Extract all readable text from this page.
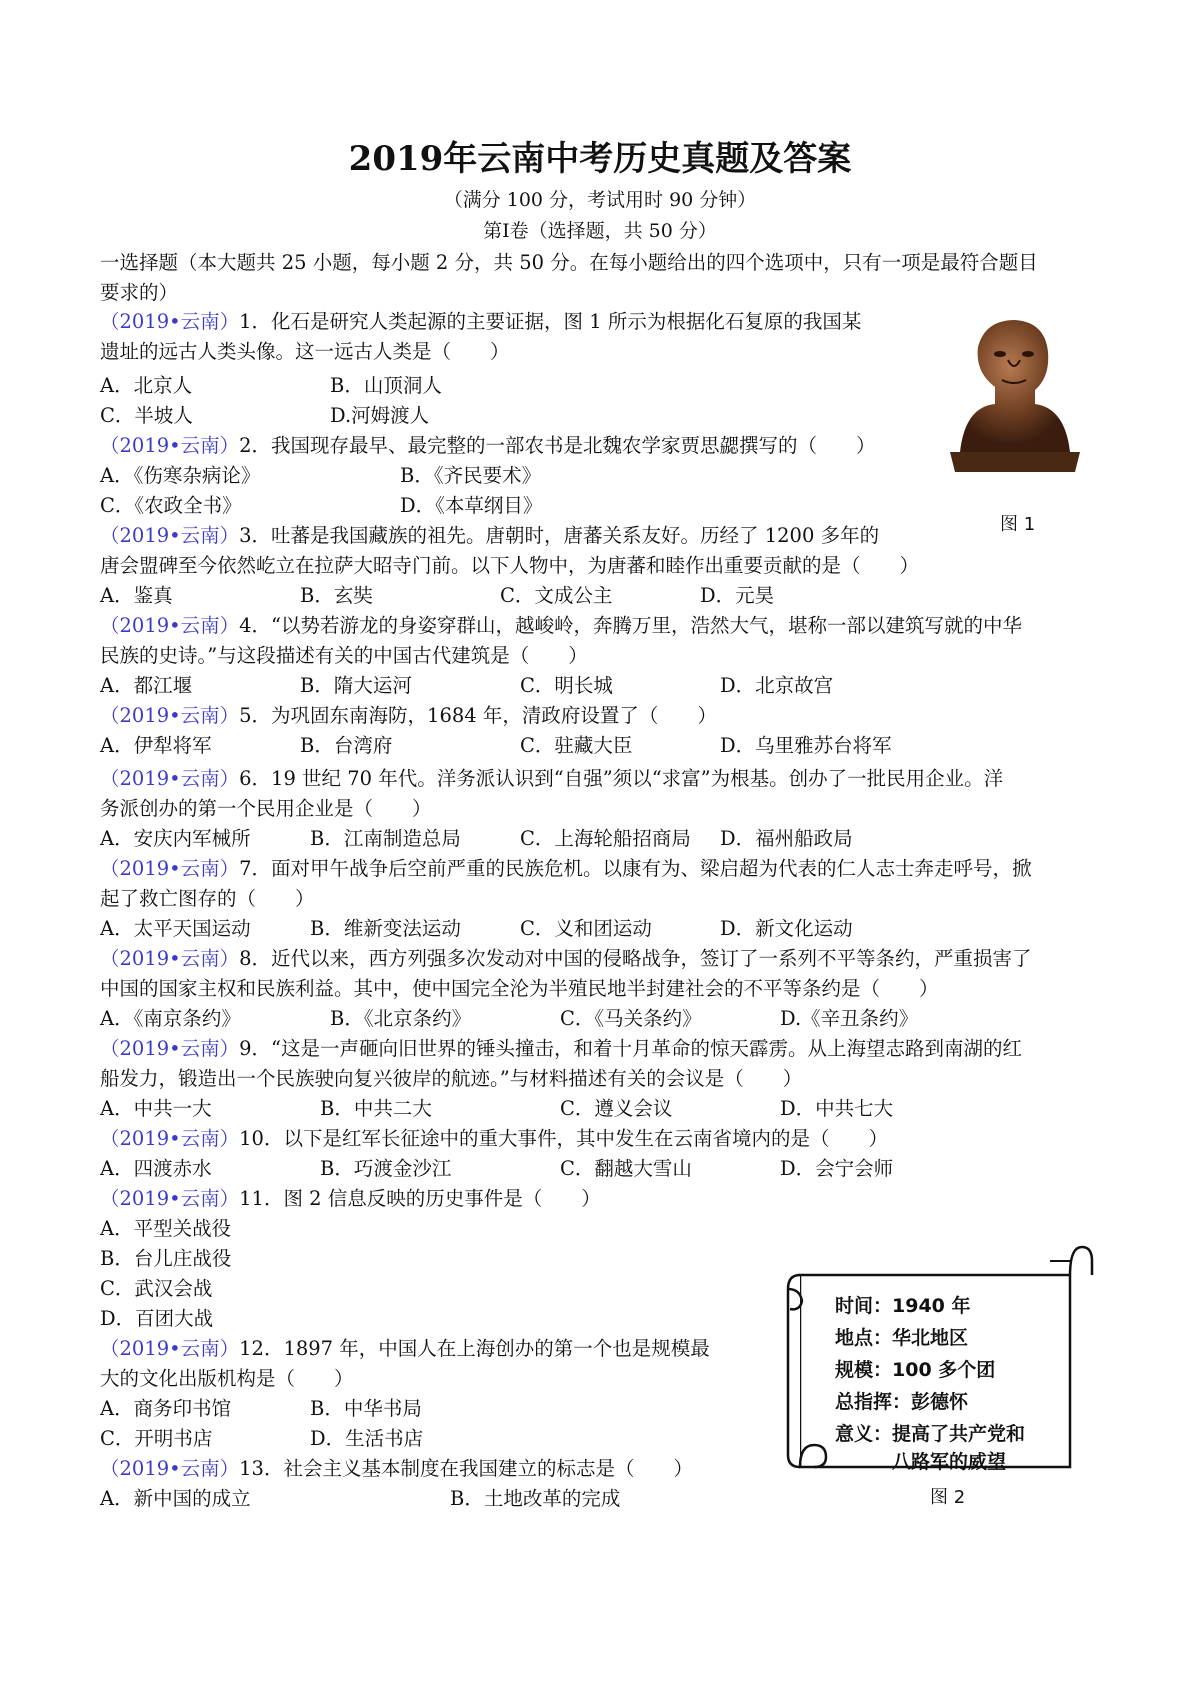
2019年云南中考历史真题及答案
（满分 100 分，考试用时 90 分钟）
第Ⅰ卷（选择题，共 50 分）
一选择题（本大题共 25 小题，每小题 2 分，共 50 分。在每小题给出的四个选项中，只有一项是最符合题目
要求的）
（2019•云南）1．化石是研究人类起源的主要证据，图 1 所示为根据化石复原的我国某
遗址的远古人类头像。这一远古人类是（　　）
A．北京人	B．山顶洞人
C．半坡人	D.河姆渡人
（2019•云南）2．我国现存最早、最完整的一部农书是北魏农学家贾思勰撰写的（　　）
A．《伤寒杂病论》	B．《齐民要术》
C．《农政全书》	D．《本草纲目》
（2019•云南）3．吐蕃是我国藏族的祖先。唐朝时，唐蕃关系友好。历经了 1200 多年的
唐会盟碑至今依然屹立在拉萨大昭寺门前。以下人物中，为唐蕃和睦作出重要贡献的是（　　）
A．鉴真	B．玄奘	C．文成公主	D．元昊
（2019•云南）4．“以势若游龙的身姿穿群山，越峻岭，奔腾万里，浩然大气，堪称一部以建筑写就的中华
民族的史诗。”与这段描述有关的中国古代建筑是（　　）
A．都江堰	B．隋大运河	C．明长城	D．北京故宫
（2019•云南）5．为巩固东南海防，1684 年，清政府设置了（　　）
A．伊犁将军	B．台湾府	C．驻藏大臣	D．乌里雅苏台将军
（2019•云南）6．19 世纪 70 年代。洋务派认识到“自强”须以“求富”为根基。创办了一批民用企业。洋
务派创办的第一个民用企业是（　　）
A．安庆内军械所	B．江南制造总局	C．上海轮船招商局 D．福州船政局
（2019•云南）7．面对甲午战争后空前严重的民族危机。以康有为、梁启超为代表的仁人志士奔走呼号，掀
起了救亡图存的（　　）
A．太平天国运动	B．维新变法运动	C．义和团运动	D．新文化运动
（2019•云南）8．近代以来，西方列强多次发动对中国的侵略战争，签订了一系列不平等条约，严重损害了
中国的国家主权和民族利益。其中，使中国完全沦为半殖民地半封建社会的不平等条约是（　　）
A．《南京条约》	B．《北京条约》	C．《马关条约》	D.《辛丑条约》
（2019•云南）9．“这是一声砸向旧世界的锤头撞击，和着十月革命的惊天霹雳。从上海望志路到南湖的红
船发力，锻造出一个民族驶向复兴彼岸的航迹。”与材料描述有关的会议是（　　）
A．中共一大	B．中共二大	C．遵义会议	D．中共七大
（2019•云南）10．以下是红军长征途中的重大事件，其中发生在云南省境内的是（　　）
A．四渡赤水	B．巧渡金沙江	C．翻越大雪山	D．会宁会师
（2019•云南）11．图 2 信息反映的历史事件是（　　）
A．平型关战役
B．台儿庄战役
C．武汉会战
D．百团大战
（2019•云南）12．1897 年，中国人在上海创办的第一个也是规模最
大的文化出版机构是（　　）
A．商务印书馆	B．中华书局
C．开明书店	D．生活书店
（2019•云南）13．社会主义基本制度在我国建立的标志是（　　）
A．新中国的成立	B．土地改革的完成
图 1
时间：1940 年
地点：华北地区
规模：100 多个团
总指挥：彭德怀
意义：提高了共产党和
　　　八路军的威望
图 2
